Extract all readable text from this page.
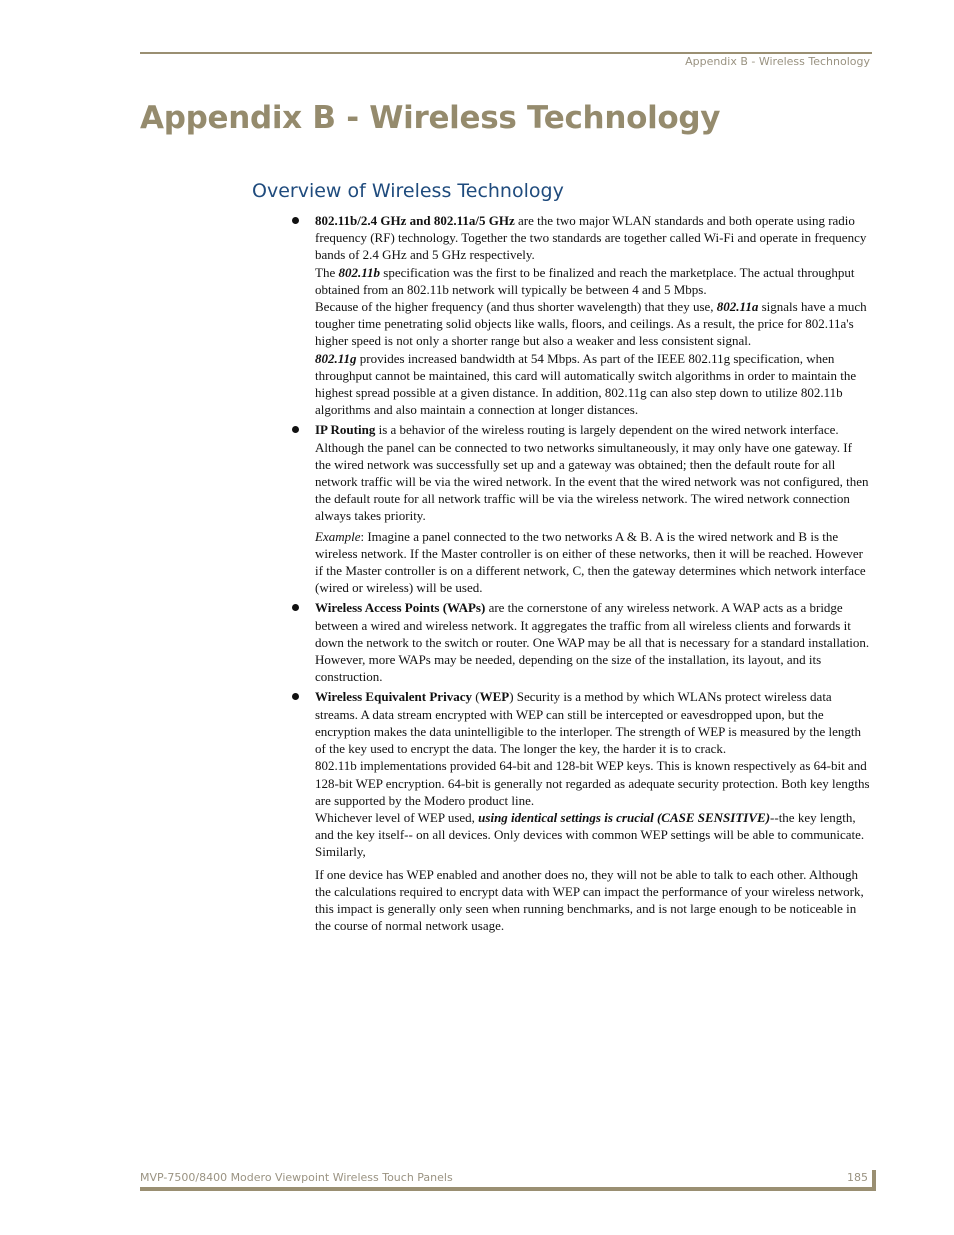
Appendix B - Wireless Technology
Appendix B - Wireless Technology
Overview of Wireless Technology

802.11b/2.4 GHz and 802.11a/5 GHz are the two major WLAN standards and both operate using radio frequency (RF) technology. Together the two standards are together called Wi-Fi and operate in frequency bands of 2.4 GHz and 5 GHz respectively.

The 802.11b specification was the first to be finalized and reach the marketplace. The actual throughput obtained from an 802.11b network will typically be between 4 and 5 Mbps.

Because of the higher frequency (and thus shorter wavelength) that they use, 802.11a signals have a much tougher time penetrating solid objects like walls, floors, and ceilings. As a result, the price for 802.11a's higher speed is not only a shorter range but also a weaker and less consistent signal.

802.11g provides increased bandwidth at 54 Mbps. As part of the IEEE 802.11g specification, when throughput cannot be maintained, this card will automatically switch algorithms in order to maintain the highest spread possible at a given distance. In addition, 802.11g can also step down to utilize 802.11b algorithms and also maintain a connection at longer distances.

IP Routing is a behavior of the wireless routing is largely dependent on the wired network interface. Although the panel can be connected to two networks simultaneously, it may only have one gateway. If the wired network was successfully set up and a gateway was obtained; then the default route for all network traffic will be via the wired network. In the event that the wired network was not configured, then the default route for all network traffic will be via the wireless network. The wired network connection always takes priority.

Example: Imagine a panel connected to the two networks A & B. A is the wired network and B is the wireless network. If the Master controller is on either of these networks, then it will be reached. However if the Master controller is on a different network, C, then the gateway determines which network interface (wired or wireless) will be used.

Wireless Access Points (WAPs) are the cornerstone of any wireless network. A WAP acts as a bridge between a wired and wireless network. It aggregates the traffic from all wireless clients and forwards it down the network to the switch or router. One WAP may be all that is necessary for a standard installation. However, more WAPs may be needed, depending on the size of the installation, its layout, and its construction.

Wireless Equivalent Privacy (WEP) Security is a method by which WLANs protect wireless data streams. A data stream encrypted with WEP can still be intercepted or eavesdropped upon, but the encryption makes the data unintelligible to the interloper. The strength of WEP is measured by the length of the key used to encrypt the data. The longer the key, the harder it is to crack.

802.11b implementations provided 64-bit and 128-bit WEP keys. This is known respectively as 64-bit and 128-bit WEP encryption. 64-bit is generally not regarded as adequate security protection. Both key lengths are supported by the Modero product line.

Whichever level of WEP used, using identical settings is crucial (CASE SENSITIVE)--the key length, and the key itself-- on all devices. Only devices with common WEP settings will be able to communicate. Similarly,

If one device has WEP enabled and another does no, they will not be able to talk to each other. Although the calculations required to encrypt data with WEP can impact the performance of your wireless network, this impact is generally only seen when running benchmarks, and is not large enough to be noticeable in the course of normal network usage.

MVP-7500/8400 Modero Viewpoint Wireless Touch Panels	185
